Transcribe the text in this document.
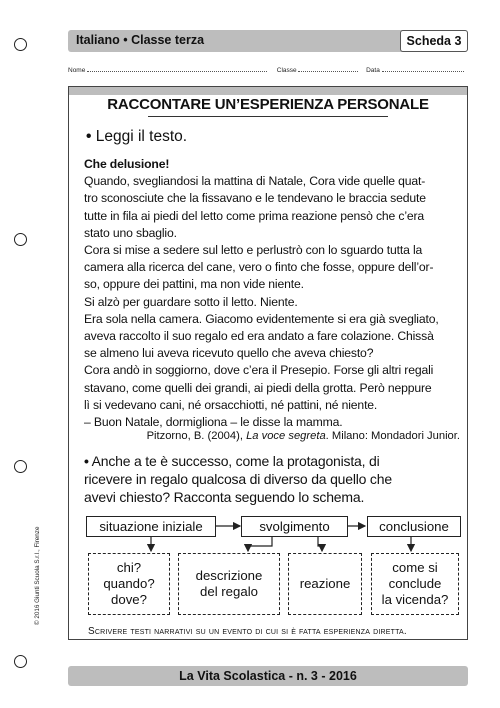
Italiano • Classe terza	Scheda 3
Nome	Classe	Data
RACCONTARE UN’ESPERIENZA PERSONALE
• Leggi il testo.

Che delusione!

Quando, svegliandosi la mattina di Natale, Cora vide quelle quat-

tro sconosciute che la fissavano e le tendevano le braccia sedute

tutte in fila ai piedi del letto come prima reazione pensò che c’era

stato uno sbaglio.

Cora si mise a sedere sul letto e perlustrò con lo sguardo tutta la

camera alla ricerca del cane, vero o finto che fosse, oppure dell’or-

so, oppure dei pattini, ma non vide niente.

Si alzò per guardare sotto il letto. Niente.

Era sola nella camera. Giacomo evidentemente si era già svegliato,

aveva raccolto il suo regalo ed era andato a fare colazione. Chissà

se almeno lui aveva ricevuto quello che aveva chiesto?

Cora andò in soggiorno, dove c’era il Presepio. Forse gli altri regali

stavano, come quelli dei grandi, ai piedi della grotta. Però neppure

lì si vedevano cani, né orsacchiotti, né pattini, né niente.

– Buon Natale, dormigliona – le disse la mamma.

Pitzorno, B. (2004), La voce segreta. Milano: Mondadori Junior.

• Anche a te è successo, come la protagonista, di

ricevere in regalo qualcosa di diverso da quello che

avevi chiesto? Racconta seguendo lo schema.

situazione iniziale	svolgimento	conclusione
chi?
quando?
dove?
descrizione
del regalo
reazione
come si
conclude
la vicenda?
Scrivere testi narrativi su un evento di cui si è fatta esperienza diretta.
La Vita Scolastica - n. 3 - 2016
© 2016 Giunti Scuola S.r.l., Firenze
